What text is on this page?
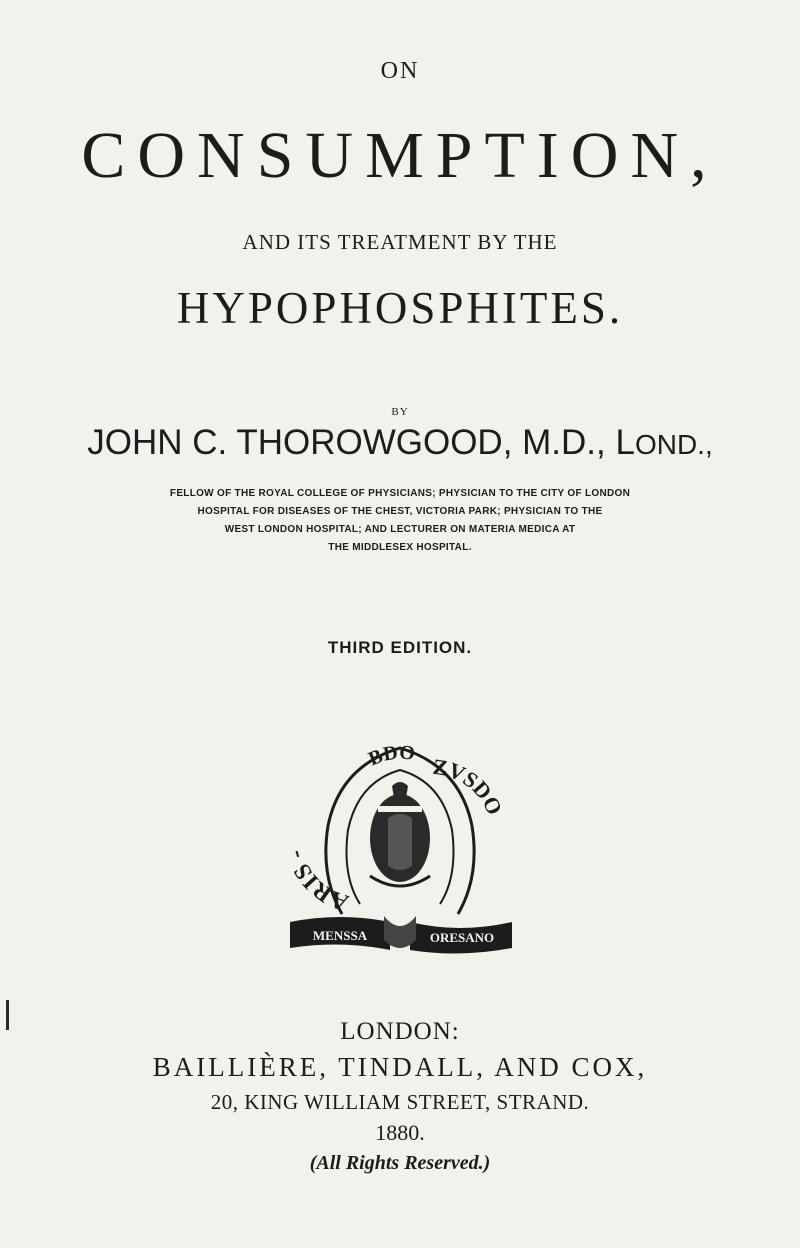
ON
CONSUMPTION,
AND ITS TREATMENT BY THE
HYPOPHOSPHITES.
BY
JOHN C. THOROWGOOD, M.D., LOND.,
FELLOW OF THE ROYAL COLLEGE OF PHYSICIANS; PHYSICIAN TO THE CITY OF LONDON
HOSPITAL FOR DISEASES OF THE CHEST, VICTORIA PARK; PHYSICIAN TO THE
WEST LONDON HOSPITAL; AND LECTURER ON MATERIA MEDICA AT
THE MIDDLESEX HOSPITAL.
THIRD EDITION.
ARIS -
BDO
ZVSDO
MENSSA	ORESANO
LONDON:
BAILLIÈRE, TINDALL, AND COX,
20, KING WILLIAM STREET, STRAND.
1880.
(All Rights Reserved.)
